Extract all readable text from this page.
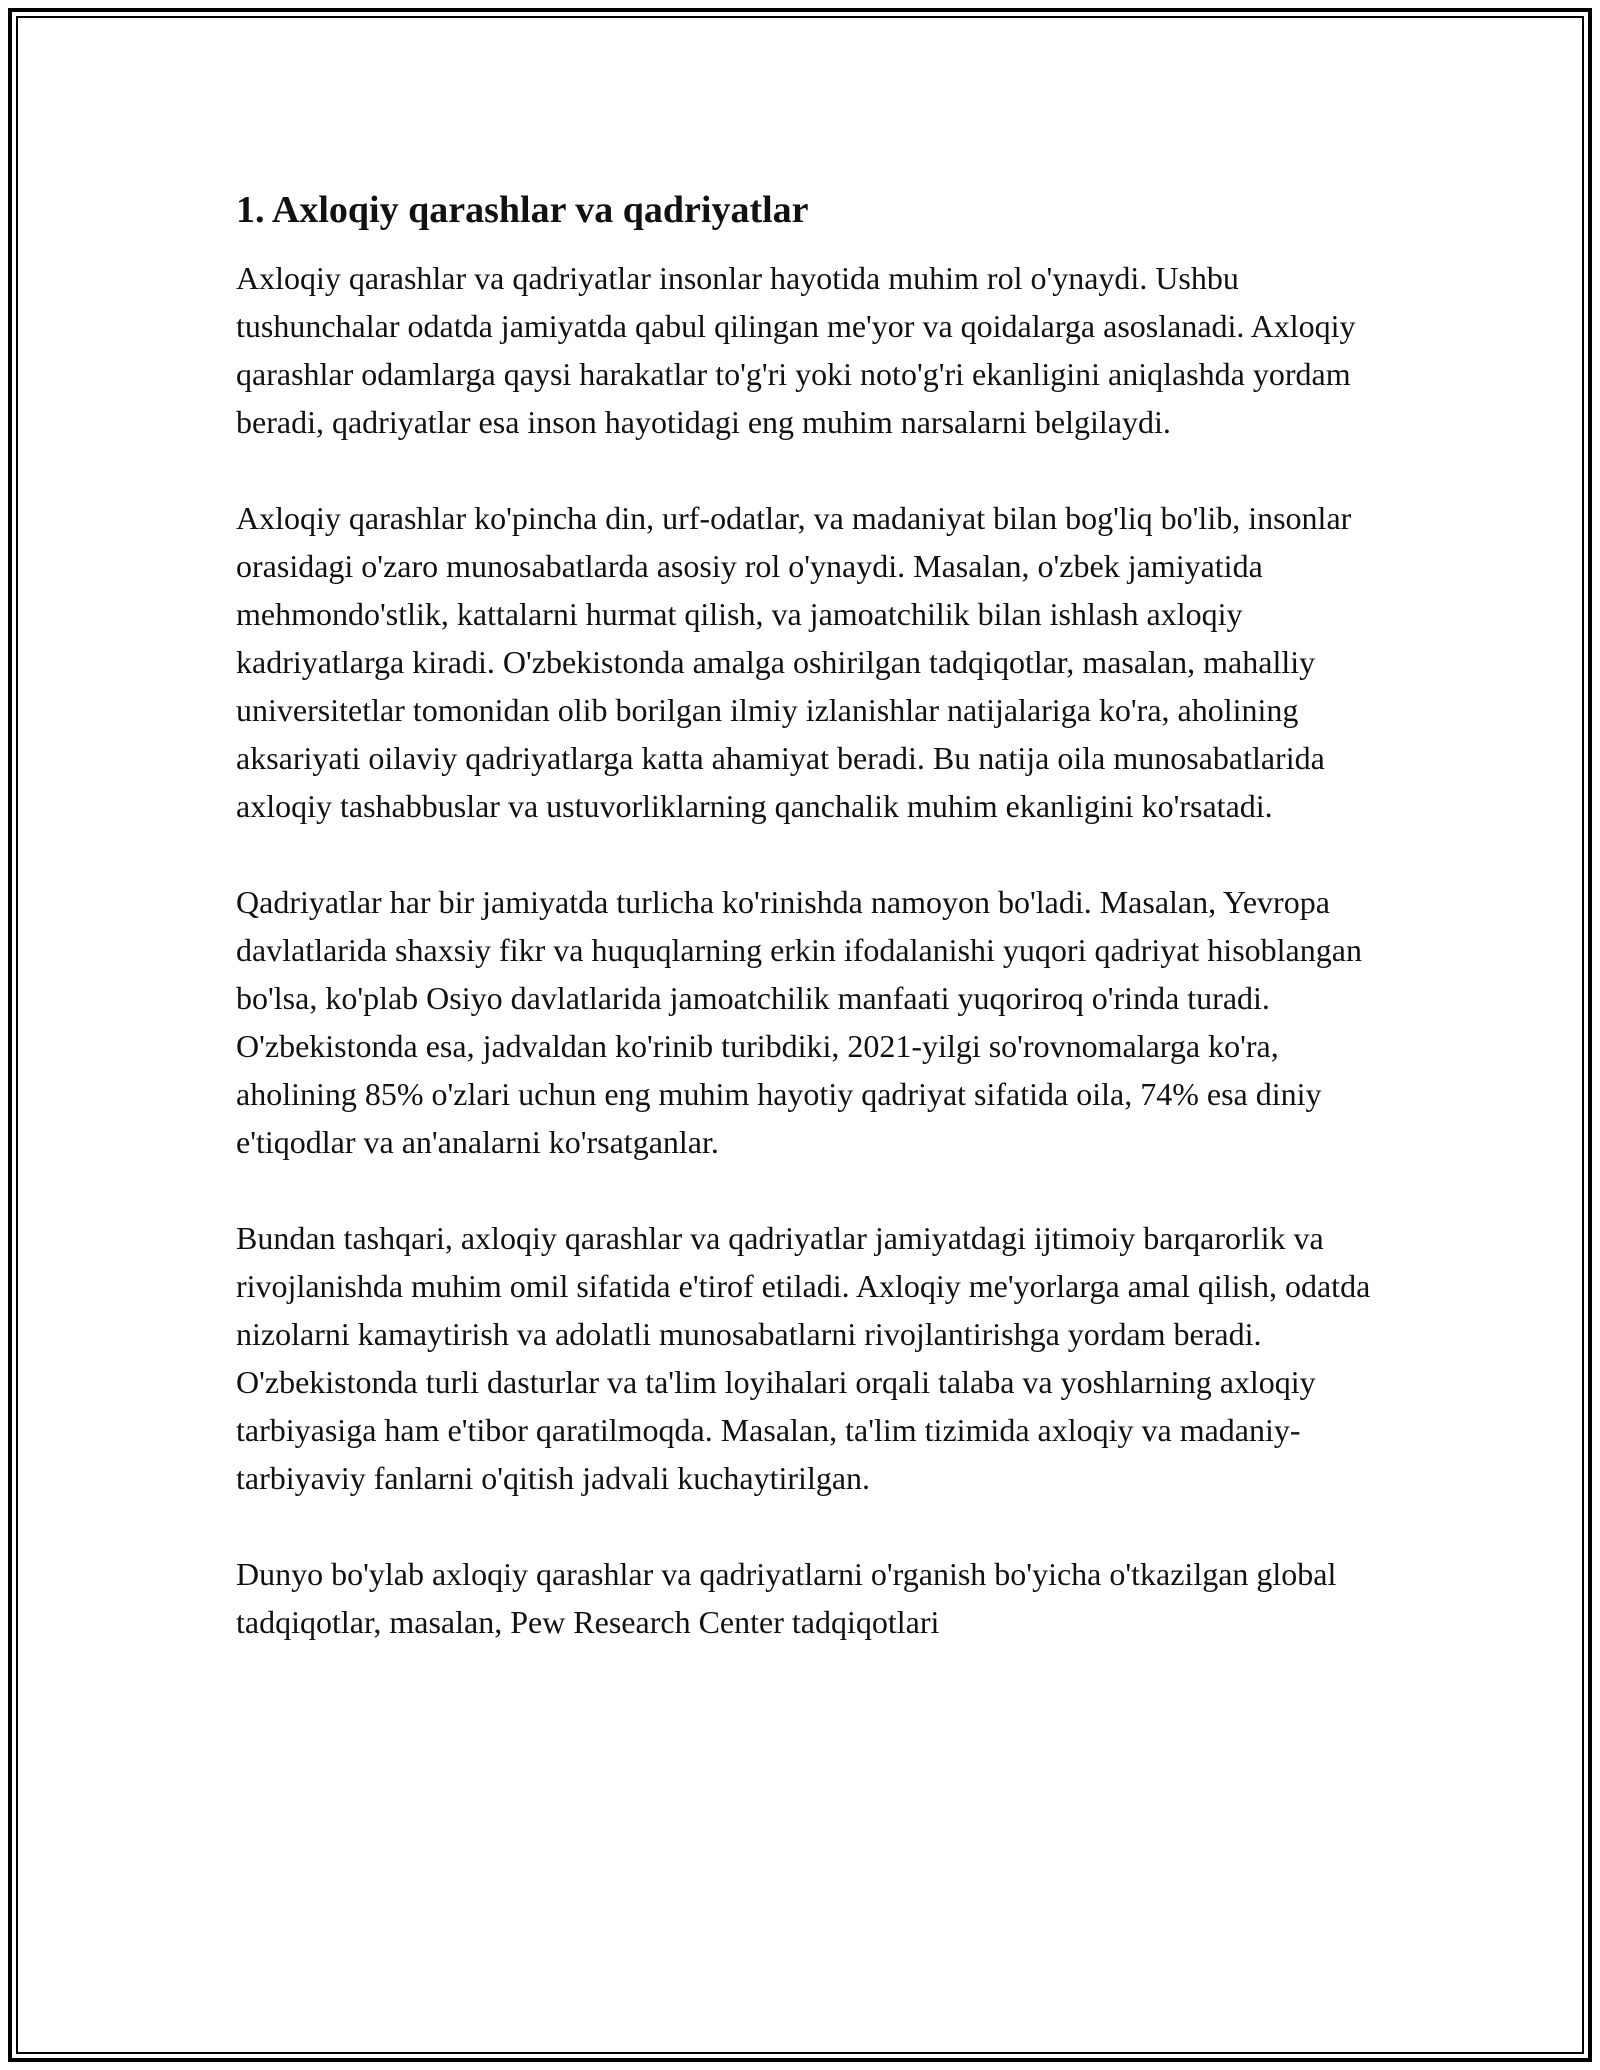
1. Axloqiy qarashlar va qadriyatlar

Axloqiy qarashlar va qadriyatlar insonlar hayotida muhim rol o'ynaydi. Ushbu tushunchalar odatda jamiyatda qabul qilingan me'yor va qoidalarga asoslanadi. Axloqiy qarashlar odamlarga qaysi harakatlar to'g'ri yoki noto'g'ri ekanligini aniqlashda yordam beradi, qadriyatlar esa inson hayotidagi eng muhim narsalarni belgilaydi.

Axloqiy qarashlar ko'pincha din, urf-odatlar, va madaniyat bilan bog'liq bo'lib, insonlar orasidagi o'zaro munosabatlarda asosiy rol o'ynaydi. Masalan, o'zbek jamiyatida mehmondo'stlik, kattalarni hurmat qilish, va jamoatchilik bilan ishlash axloqiy kadriyatlarga kiradi. O'zbekistonda amalga oshirilgan tadqiqotlar, masalan, mahalliy universitetlar tomonidan olib borilgan ilmiy izlanishlar natijalariga ko'ra, aholining aksariyati oilaviy qadriyatlarga katta ahamiyat beradi. Bu natija oila munosabatlarida axloqiy tashabbuslar va ustuvorliklarning qanchalik muhim ekanligini ko'rsatadi.

Qadriyatlar har bir jamiyatda turlicha ko'rinishda namoyon bo'ladi. Masalan, Yevropa davlatlarida shaxsiy fikr va huquqlarning erkin ifodalanishi yuqori qadriyat hisoblangan bo'lsa, ko'plab Osiyo davlatlarida jamoatchilik manfaati yuqoriroq o'rinda turadi. O'zbekistonda esa, jadvaldan ko'rinib turibdiki, 2021-yilgi so'rovnomalarga ko'ra, aholining 85% o'zlari uchun eng muhim hayotiy qadriyat sifatida oila, 74% esa diniy e'tiqodlar va an'analarni ko'rsatganlar.

Bundan tashqari, axloqiy qarashlar va qadriyatlar jamiyatdagi ijtimoiy barqarorlik va rivojlanishda muhim omil sifatida e'tirof etiladi. Axloqiy me'yorlarga amal qilish, odatda nizolarni kamaytirish va adolatli munosabatlarni rivojlantirishga yordam beradi. O'zbekistonda turli dasturlar va ta'lim loyihalari orqali talaba va yoshlarning axloqiy tarbiyasiga ham e'tibor qaratilmoqda. Masalan, ta'lim tizimida axloqiy va madaniy-tarbiyaviy fanlarni o'qitish jadvali kuchaytirilgan.

Dunyo bo'ylab axloqiy qarashlar va qadriyatlarni o'rganish bo'yicha o'tkazilgan global tadqiqotlar, masalan, Pew Research Center tadqiqotlari
